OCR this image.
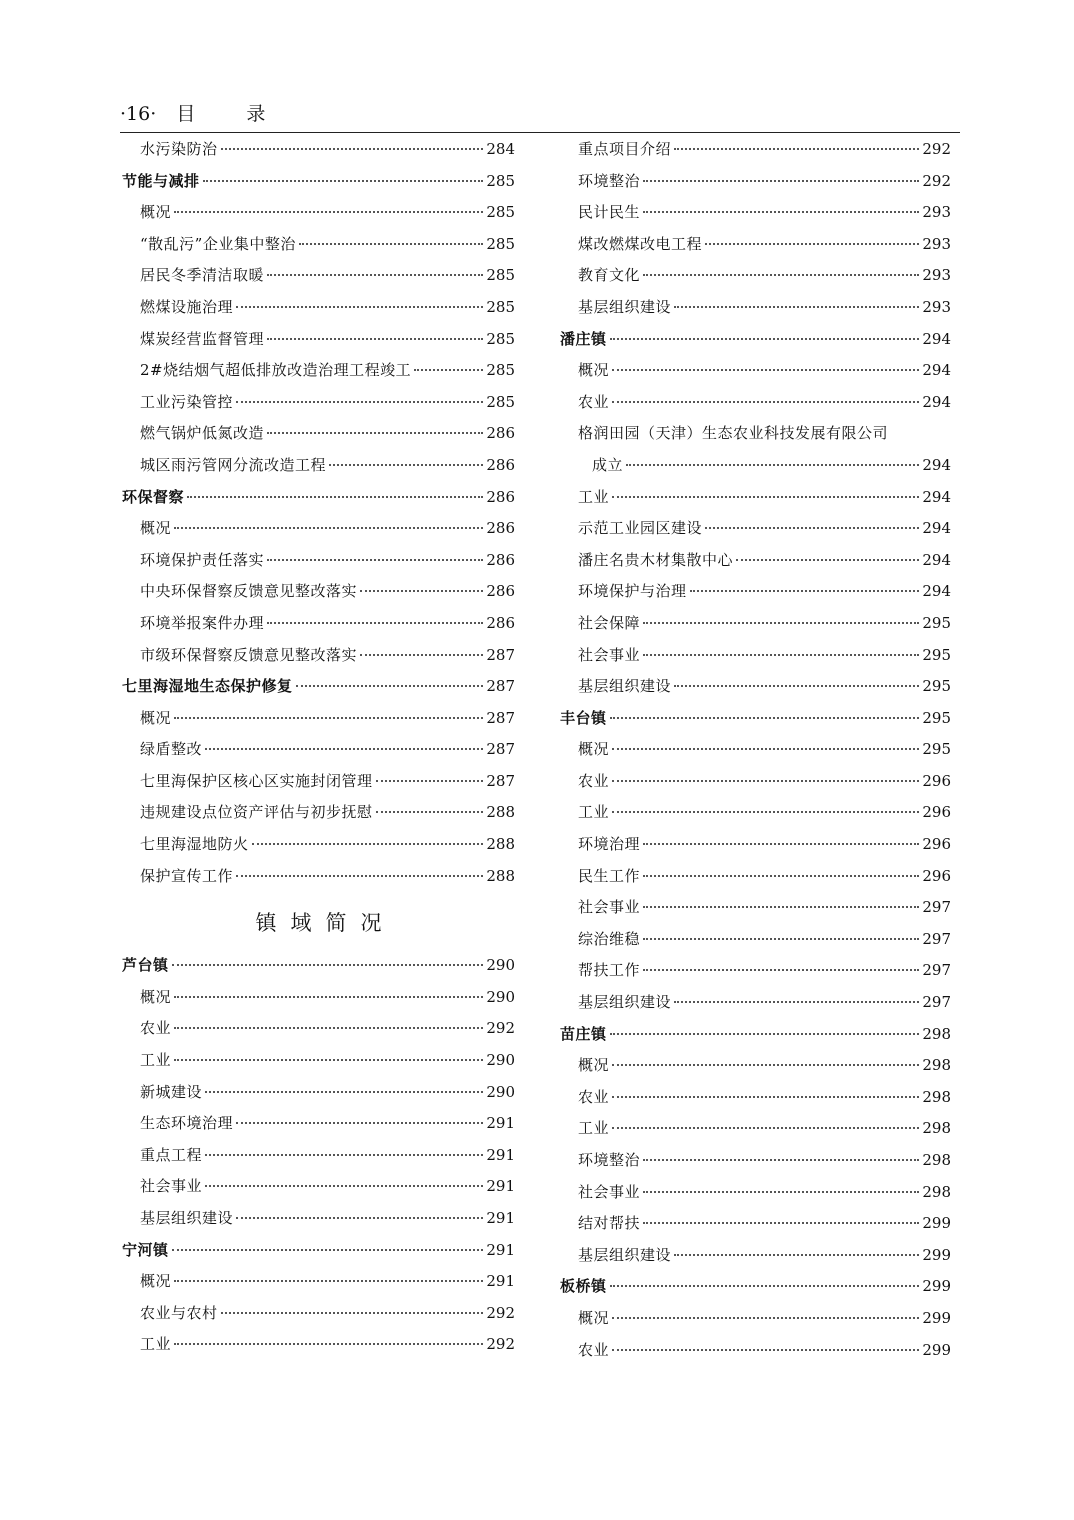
·16· 目　录
水污染防治	284
节能与减排	285
概况	285
“散乱污”企业集中整治	285
居民冬季清洁取暖	285
燃煤设施治理	285
煤炭经营监督管理	285
2#烧结烟气超低排放改造治理工程竣工	285
工业污染管控	285
燃气锅炉低氮改造	286
城区雨污管网分流改造工程	286
环保督察	286
概况	286
环境保护责任落实	286
中央环保督察反馈意见整改落实	286
环境举报案件办理	286
市级环保督察反馈意见整改落实	287
七里海湿地生态保护修复	287
概况	287
绿盾整改	287
七里海保护区核心区实施封闭管理	287
违规建设点位资产评估与初步抚慰	288
七里海湿地防火	288
保护宣传工作	288
镇域简况
芦台镇	290
概况	290
农业	292
工业	290
新城建设	290
生态环境治理	291
重点工程	291
社会事业	291
基层组织建设	291
宁河镇	291
概况	291
农业与农村	292
工业	292
重点项目介绍	292
环境整治	292
民计民生	293
煤改燃煤改电工程	293
教育文化	293
基层组织建设	293
潘庄镇	294
概况	294
农业	294
格润田园（天津）生态农业科技发展有限公司
成立	294
工业	294
示范工业园区建设	294
潘庄名贵木材集散中心	294
环境保护与治理	294
社会保障	295
社会事业	295
基层组织建设	295
丰台镇	295
概况	295
农业	296
工业	296
环境治理	296
民生工作	296
社会事业	297
综治维稳	297
帮扶工作	297
基层组织建设	297
苗庄镇	298
概况	298
农业	298
工业	298
环境整治	298
社会事业	298
结对帮扶	299
基层组织建设	299
板桥镇	299
概况	299
农业	299
